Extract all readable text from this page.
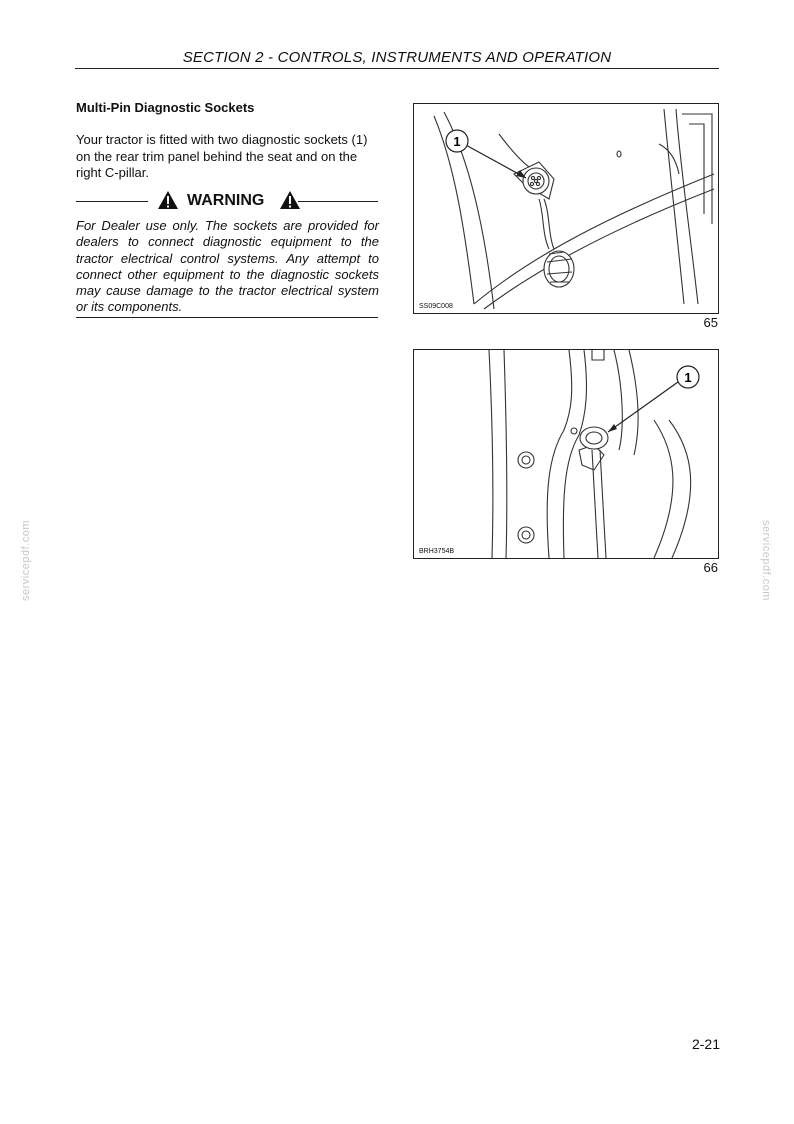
SECTION 2 - CONTROLS, INSTRUMENTS AND OPERATION
Multi-Pin Diagnostic Sockets
Your tractor is fitted with two diagnostic sockets (1) on the rear trim panel behind the seat and on the right C-pillar.
WARNING
For Dealer use only. The sockets are provided for dealers to connect diagnostic equipment to the tractor electrical control systems. Any attempt to connect other equipment to the diagnostic sockets may cause damage to the tractor electrical system or its components.
1
SS09C008
65
1
BRH3754B
66
servicepdf.com	servicepdf.com
2-21
